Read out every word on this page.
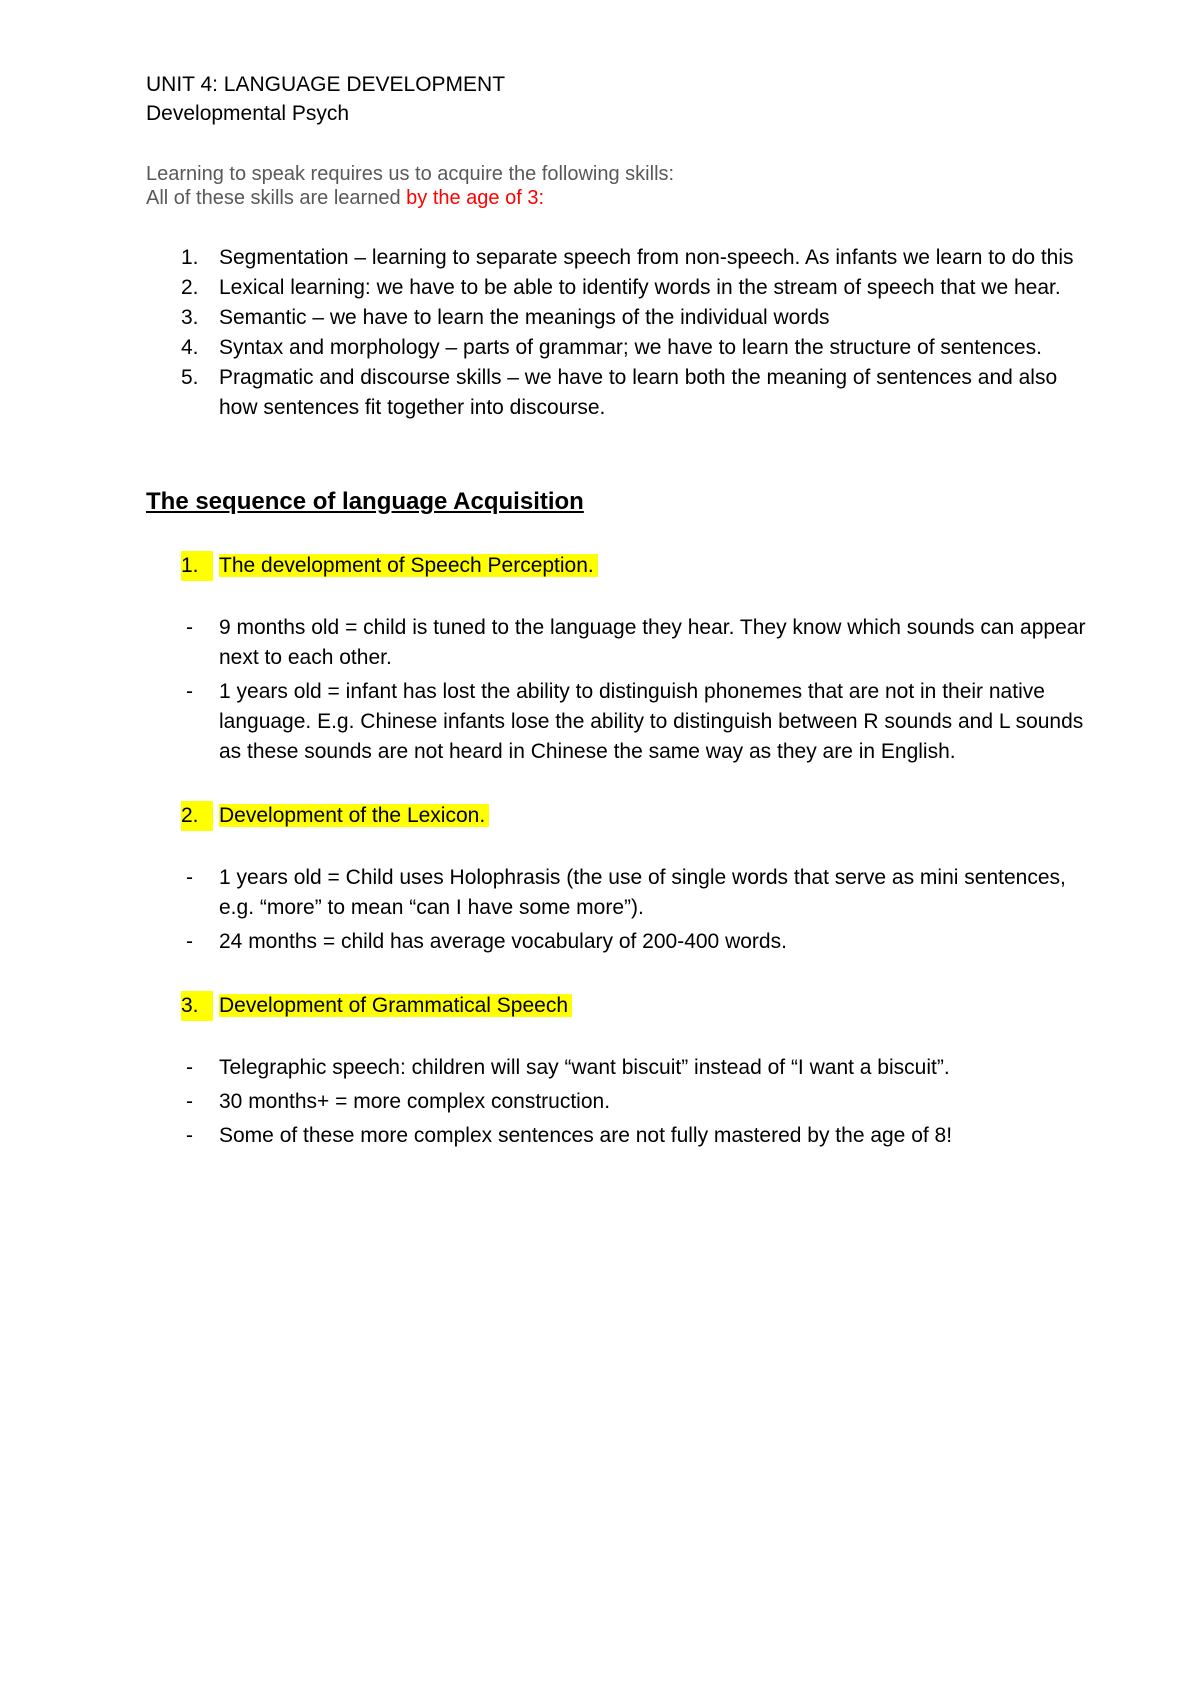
UNIT 4: LANGUAGE DEVELOPMENT
Developmental Psych
Learning to speak requires us to acquire the following skills:
All of these skills are learned by the age of 3:
1. Segmentation – learning to separate speech from non-speech. As infants we learn to do this
2. Lexical learning: we have to be able to identify words in the stream of speech that we hear.
3. Semantic – we have to learn the meanings of the individual words
4. Syntax and morphology – parts of grammar; we have to learn the structure of sentences.
5. Pragmatic and discourse skills – we have to learn both the meaning of sentences and also how sentences fit together into discourse.
The sequence of language Acquisition
1. The development of Speech Perception.
- 9 months old = child is tuned to the language they hear. They know which sounds can appear next to each other.
- 1 years old = infant has lost the ability to distinguish phonemes that are not in their native language. E.g. Chinese infants lose the ability to distinguish between R sounds and L sounds as these sounds are not heard in Chinese the same way as they are in English.
2. Development of the Lexicon.
- 1 years old = Child uses Holophrasis (the use of single words that serve as mini sentences, e.g. “more” to mean “can I have some more”).
- 24 months = child has average vocabulary of 200-400 words.
3. Development of Grammatical Speech
- Telegraphic speech: children will say “want biscuit” instead of “I want a biscuit”.
- 30 months+ = more complex construction.
- Some of these more complex sentences are not fully mastered by the age of 8!
